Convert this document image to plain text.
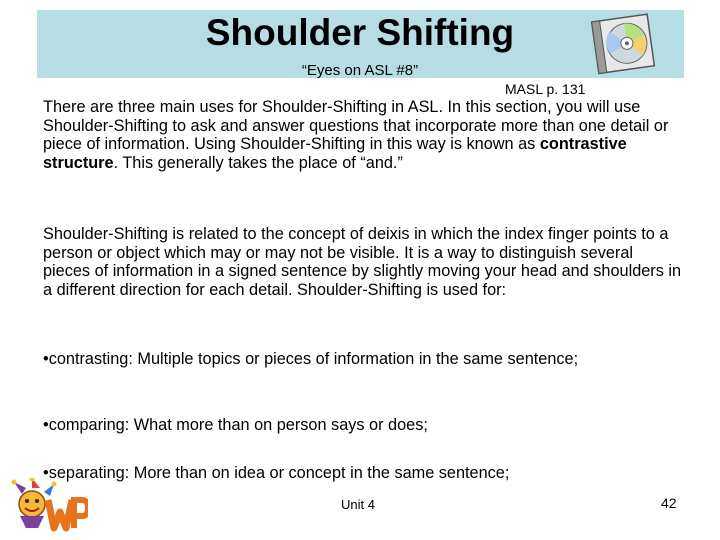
Shoulder Shifting
“Eyes on ASL #8”
MASL p. 131

There are three main uses for Shoulder-Shifting in ASL. In this section, you will use Shoulder-Shifting to ask and answer questions that incorporate more than one detail or piece of information. Using Shoulder-Shifting in this way is known as contrastive structure. This generally takes the place of “and.”

Shoulder-Shifting is related to the concept of deixis in which the index finger points to a person or object which may or may not be visible. It is a way to distinguish several pieces of information in a signed sentence by slightly moving your head and shoulders in a different direction for each detail. Shoulder-Shifting is used for:

•contrasting: Multiple topics or pieces of information in the same sentence;

•comparing: What more than on person says or does;

•separating: More than on idea or concept in the same sentence;

Unit 4	42
